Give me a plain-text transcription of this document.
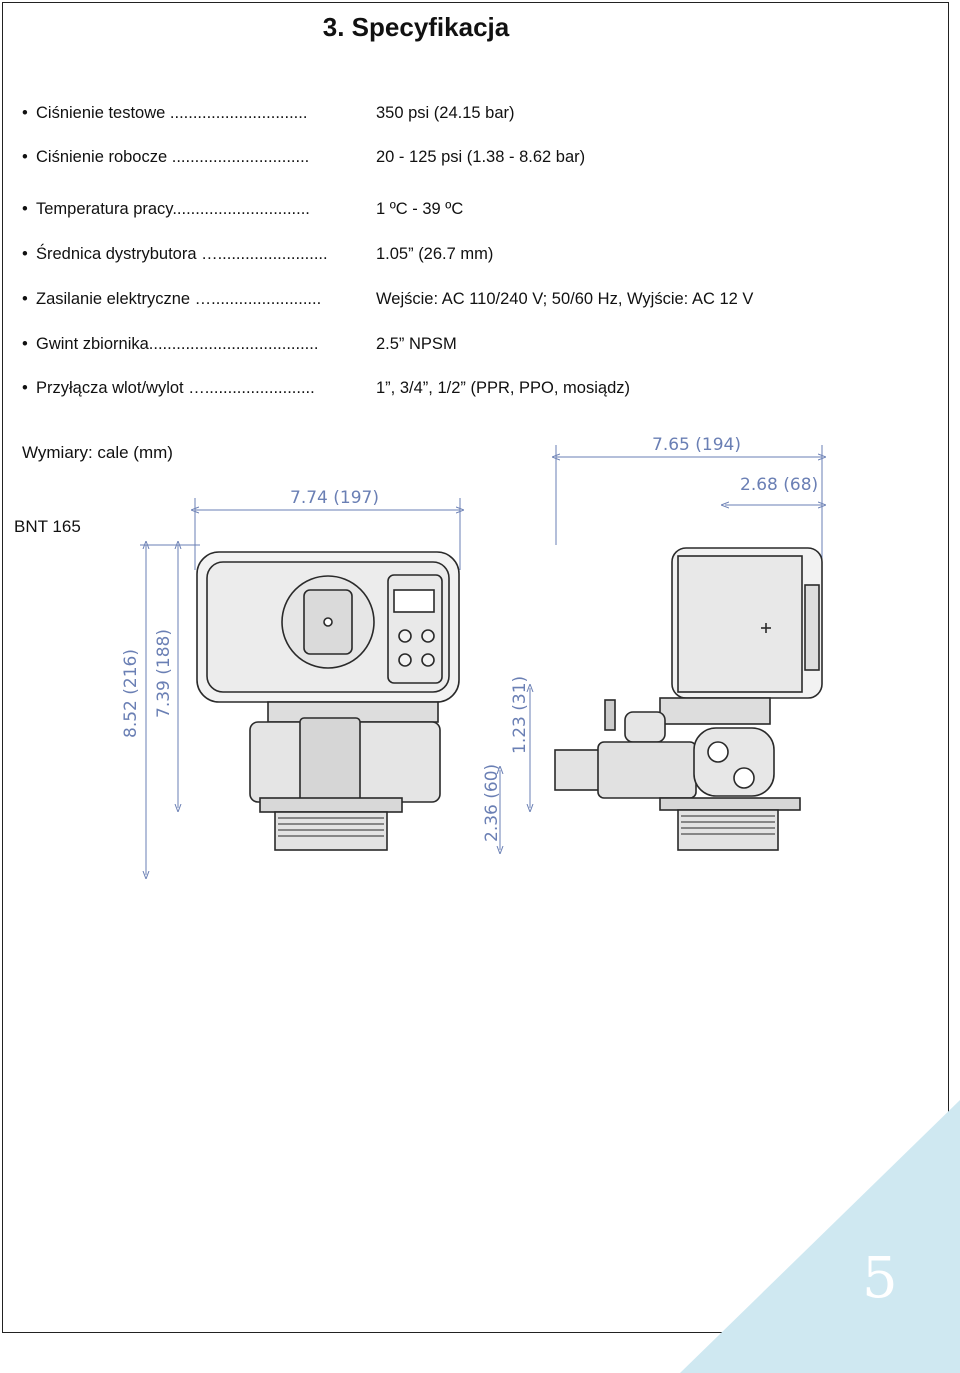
3. Specyfikacja
• Ciśnienie testowe ..............................	350 psi (24.15 bar)
• Ciśnienie robocze ..............................	20 - 125 psi (1.38 - 8.62 bar)
• Temperatura pracy..............................	1 ºC - 39 ºC
• Średnica dystrybutora …........................	1.05” (26.7 mm)
• Zasilanie elektryczne …........................	Wejście: AC 110/240 V; 50/60 Hz, Wyjście: AC 12 V
• Gwint zbiornika.....................................	2.5” NPSM
• Przyłącza wlot/wylot …........................	1”, 3/4”, 1/2” (PPR, PPO, mosiądz)
Wymiary: cale (mm)
BNT 165
7.74 (197)
7.65 (194)
2.68 (68)
8.52 (216) 7.39 (188)	1.23 (31)
2.36 (60)
5
